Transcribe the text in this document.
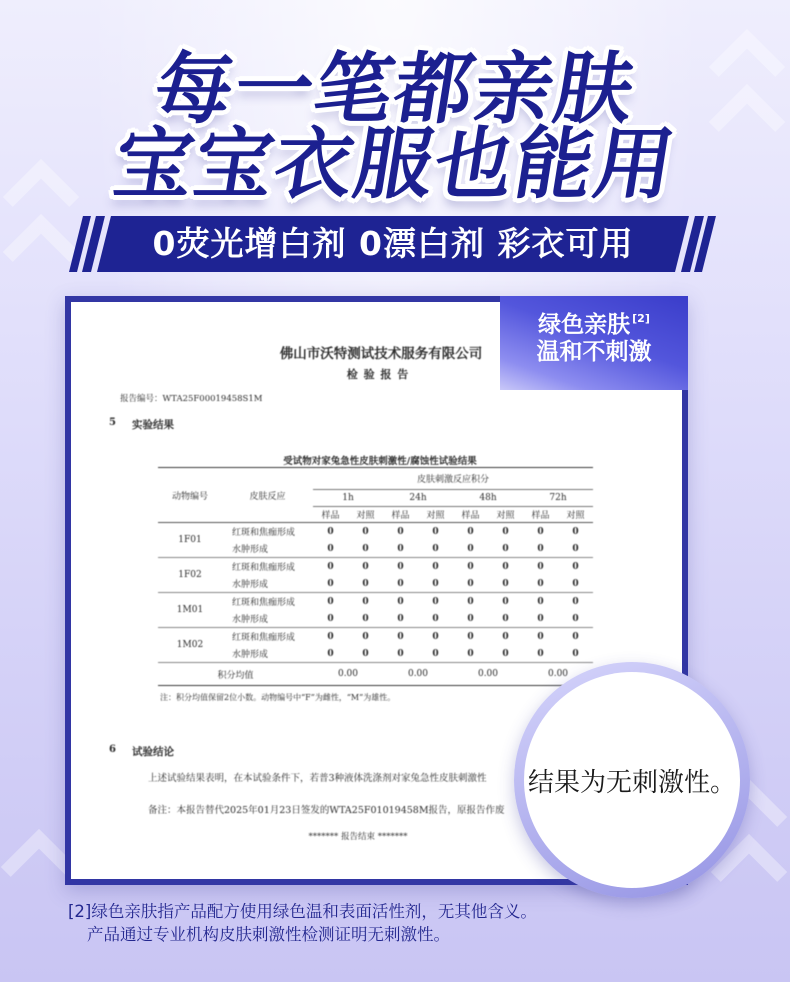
每一笔都亲肤
宝宝衣服也能用
0荧光增白剂 0漂白剂 彩衣可用
佛山市沃特测试技术服务有限公司
检 验 报 告
报告编号：WTA25F00019458S1M
5 实验结果
受试物对家兔急性皮肤刺激性/腐蚀性试验结果
动物编号	皮肤反应	皮肤刺激反应积分							
		1h		24h		48h		72h	
		样品	对照	样品	对照	样品	对照	样品	对照
1F01	红斑和焦痂形成	0	0	0	0	0	0	0	0
	水肿形成	0	0	0	0	0	0	0	0
1F02	红斑和焦痂形成	0	0	0	0	0	0	0	0
	水肿形成	0	0	0	0	0	0	0	0
1M01	红斑和焦痂形成	0	0	0	0	0	0	0	0
	水肿形成	0	0	0	0	0	0	0	0
1M02	红斑和焦痂形成	0	0	0	0	0	0	0	0
	水肿形成	0	0	0	0	0	0	0	0
积分均值		0.00		0.00		0.00		0.00	
注：积分均值保留2位小数。动物编号中“F”为雌性，“M”为雄性。
6 试验结论
上述试验结果表明，在本试验条件下，若普3种液体洗涤剂对家兔急性皮肤刺激性
备注：本报告替代2025年01月23日签发的WTA25F01019458M报告，原报告作废
******* 报告结束 *******
绿色亲肤 [2]
温和不刺激
结果为无刺激性。
[2]绿色亲肤指产品配方使用绿色温和表面活性剂，无其他含义。
产品通过专业机构皮肤刺激性检测证明无刺激性。
